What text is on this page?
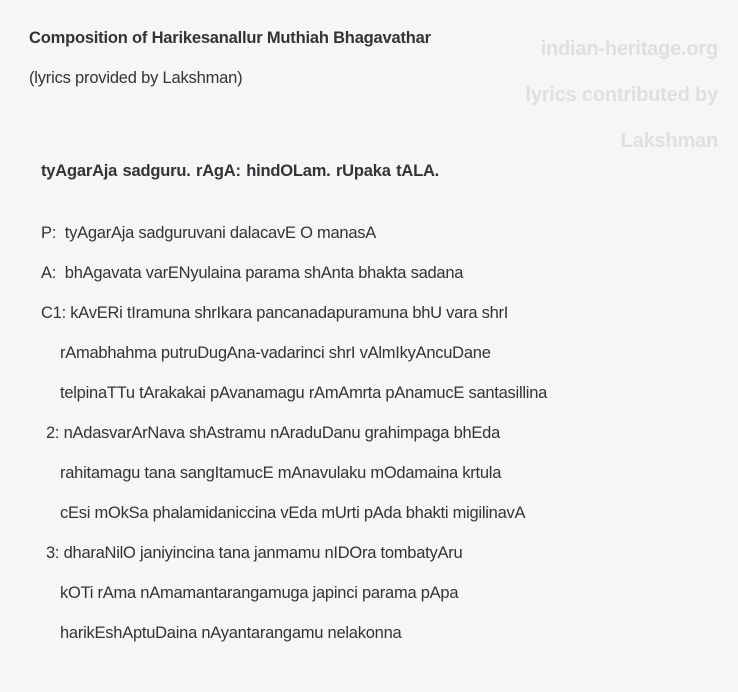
Composition of Harikesanallur Muthiah Bhagavathar
(lyrics provided by Lakshman)
indian-heritage.org
lyrics contributed by
Lakshman
tyAgarAja sadguru. rAgA: hindOLam. rUpaka tALA.
P: tyAgarAja sadguruvani dalacavE O manasA
A: bhAgavata varENyulaina parama shAnta bhakta sadana
C1: kAvERi tIramuna shrIkara pancanadapuramuna bhU vara shrI
rAmabhahma putruDugAna-vadarinci shrI vAlmIkyAncuDane
telpinaTTu tArakakai pAvanamagu rAmAmrta pAnamucE santasillina
2: nAdasvarArNava shAstramu nAraduDanu grahimpaga bhEda
rahitamagu tana sangItamucE mAnavulaku mOdamaina krtula
cEsi mOkSa phalamidaniccina vEda mUrti pAda bhakti migilinavA
3: dharaNilO janiyincina tana janmamu nIDOra tombatyAru
kOTi rAma nAmamantarangamuga japinci parama pApa
harikEshAptuDaina nAyantarangamu nelakonna
